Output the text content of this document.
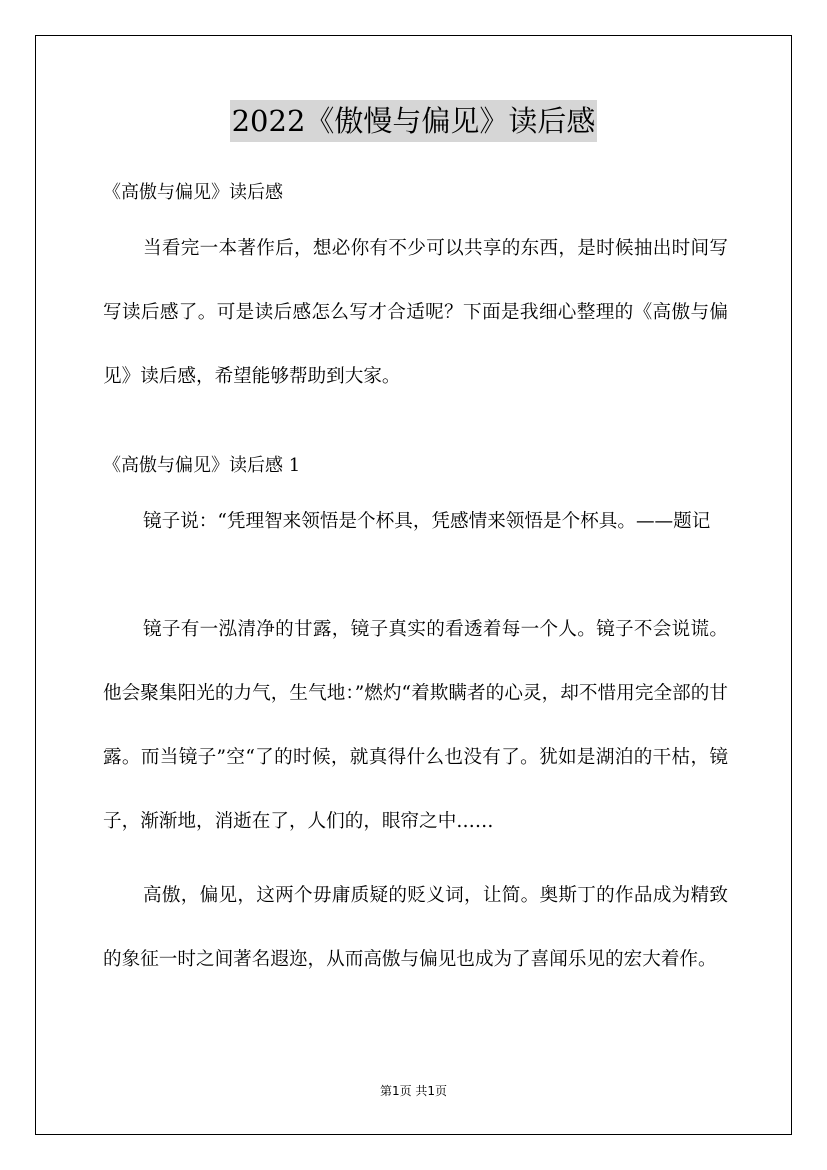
2022《傲慢与偏见》读后感
《高傲与偏见》读后感

当看完一本著作后，想必你有不少可以共享的东西，是时候抽出时间写写读后感了。可是读后感怎么写才合适呢？下面是我细心整理的《高傲与偏见》读后感，希望能够帮助到大家。

《高傲与偏见》读后感 1

镜子说：“凭理智来领悟是个杯具，凭感情来领悟是个杯具。——题记

镜子有一泓清净的甘露，镜子真实的看透着每一个人。镜子不会说谎。他会聚集阳光的力气，生气地：”燃灼“着欺瞒者的心灵，却不惜用完全部的甘露。而当镜子”空“了的时候，就真得什么也没有了。犹如是湖泊的干枯，镜子，渐渐地，消逝在了，人们的，眼帘之中……

高傲，偏见，这两个毋庸质疑的贬义词，让简。奥斯丁的作品成为精致的象征一时之间著名遐迩，从而高傲与偏见也成为了喜闻乐见的宏大着作。

第1页 共1页
